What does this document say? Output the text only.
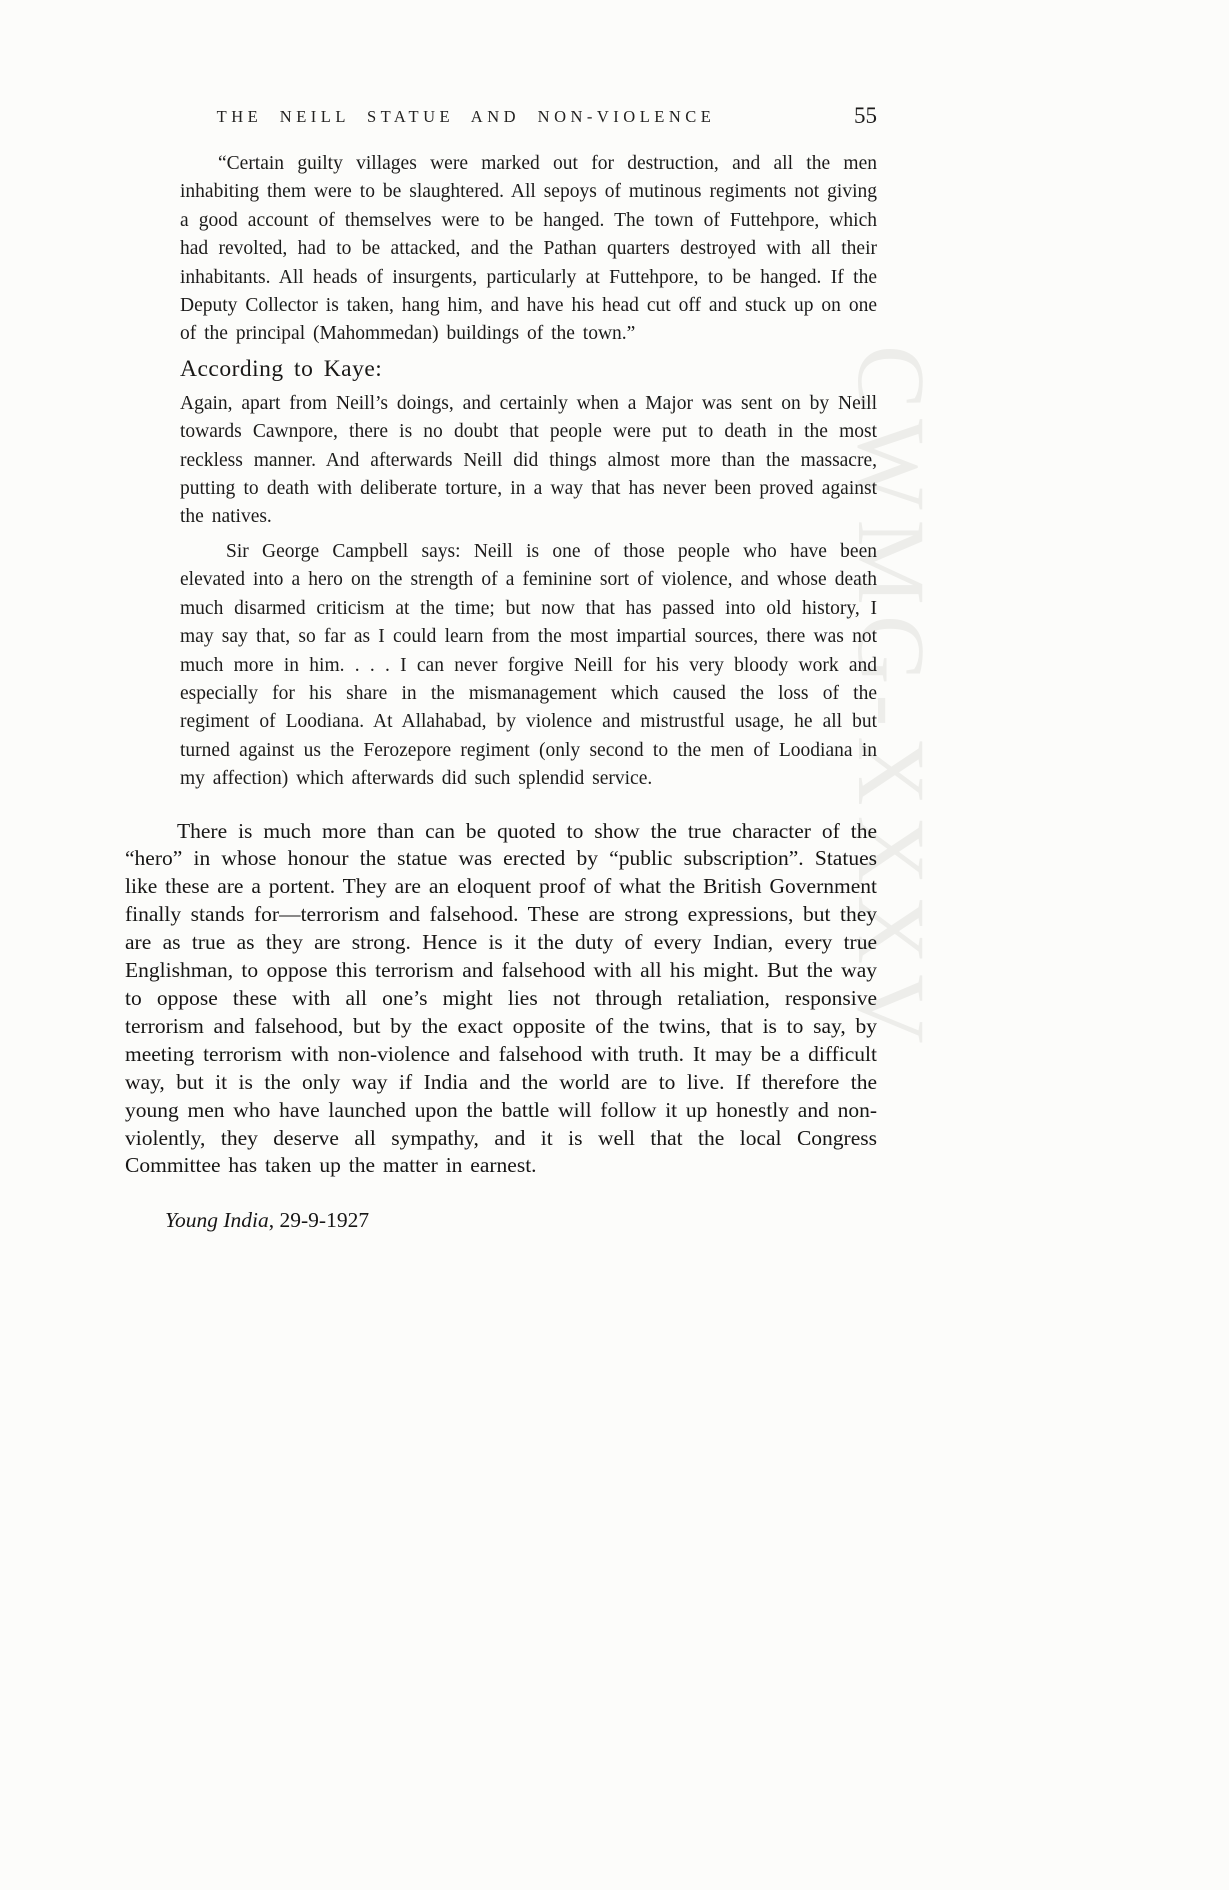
CWMG-XXXV
THE NEILL STATUE AND NON-VIOLENCE	55

“Certain guilty villages were marked out for destruction, and all the men inhabiting them were to be slaughtered. All sepoys of mutinous regiments not giving a good account of themselves were to be hanged. The town of Futtehpore, which had revolted, had to be attacked, and the Pathan quarters destroyed with all their inhabitants. All heads of insurgents, particularly at Futtehpore, to be hanged. If the Deputy Collector is taken, hang him, and have his head cut off and stuck up on one of the principal (Mahommedan) buildings of the town.”

According to Kaye:

Again, apart from Neill’s doings, and certainly when a Major was sent on by Neill towards Cawnpore, there is no doubt that people were put to death in the most reckless manner. And afterwards Neill did things almost more than the massacre, putting to death with deliberate torture, in a way that has never been proved against the natives.

Sir George Campbell says: Neill is one of those people who have been elevated into a hero on the strength of a feminine sort of violence, and whose death much disarmed criticism at the time; but now that has passed into old history, I may say that, so far as I could learn from the most impartial sources, there was not much more in him. . . . I can never forgive Neill for his very bloody work and especially for his share in the mismanagement which caused the loss of the regiment of Loodiana. At Allahabad, by violence and mistrustful usage, he all but turned against us the Ferozepore regiment (only second to the men of Loodiana in my affection) which afterwards did such splendid service.

There is much more than can be quoted to show the true character of the “hero” in whose honour the statue was erected by “public subscription”. Statues like these are a portent. They are an eloquent proof of what the British Government finally stands for—terrorism and falsehood. These are strong expressions, but they are as true as they are strong. Hence is it the duty of every Indian, every true Englishman, to oppose this terrorism and falsehood with all his might. But the way to oppose these with all one’s might lies not through retaliation, responsive terrorism and falsehood, but by the exact opposite of the twins, that is to say, by meeting terrorism with non-violence and falsehood with truth. It may be a difficult way, but it is the only way if India and the world are to live. If therefore the young men who have launched upon the battle will follow it up honestly and non-violently, they deserve all sympathy, and it is well that the local Congress Committee has taken up the matter in earnest.

Young India, 29-9-1927
